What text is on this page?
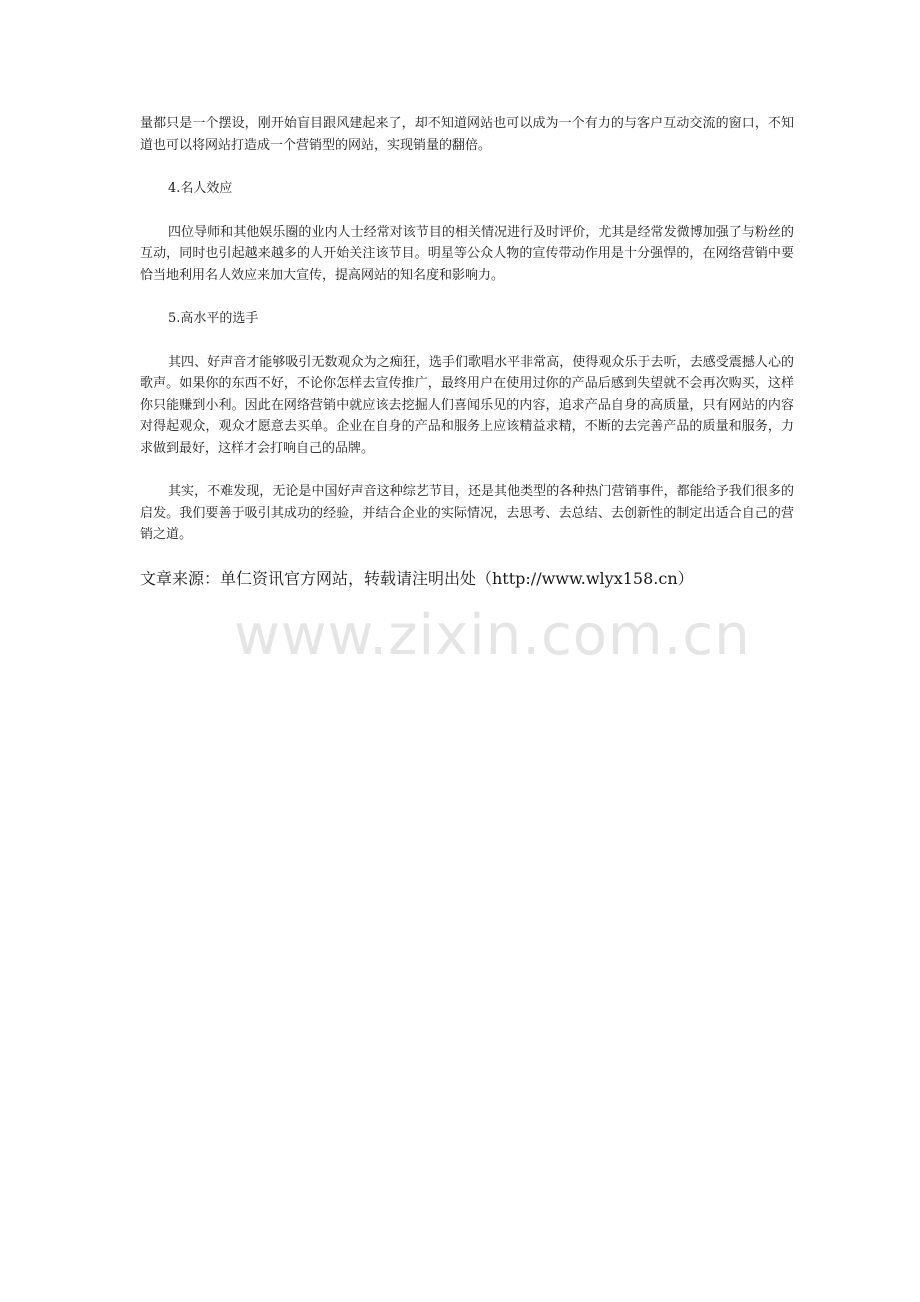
量都只是一个摆设，刚开始盲目跟风建起来了，却不知道网站也可以成为一个有力的与客户互动交流的窗口，不知道也可以将网站打造成一个营销型的网站，实现销量的翻倍。

4.名人效应

四位导师和其他娱乐圈的业内人士经常对该节目的相关情况进行及时评价，尤其是经常发微博加强了与粉丝的互动，同时也引起越来越多的人开始关注该节目。明星等公众人物的宣传带动作用是十分强悍的，在网络营销中要恰当地利用名人效应来加大宣传，提高网站的知名度和影响力。

5.高水平的选手

其四、好声音才能够吸引无数观众为之痴狂，选手们歌唱水平非常高，使得观众乐于去听，去感受震撼人心的歌声。如果你的东西不好，不论你怎样去宣传推广，最终用户在使用过你的产品后感到失望就不会再次购买，这样你只能赚到小利。因此在网络营销中就应该去挖掘人们喜闻乐见的内容，追求产品自身的高质量，只有网站的内容对得起观众，观众才愿意去买单。企业在自身的产品和服务上应该精益求精，不断的去完善产品的质量和服务，力求做到最好，这样才会打响自己的品牌。

其实，不难发现，无论是中国好声音这种综艺节目，还是其他类型的各种热门营销事件，都能给予我们很多的启发。我们要善于吸引其成功的经验，并结合企业的实际情况，去思考、去总结、去创新性的制定出适合自己的营销之道。

文章来源：单仁资讯官方网站，转载请注明出处（http://www.wlyx158.cn）

www.zixin.com.cn
